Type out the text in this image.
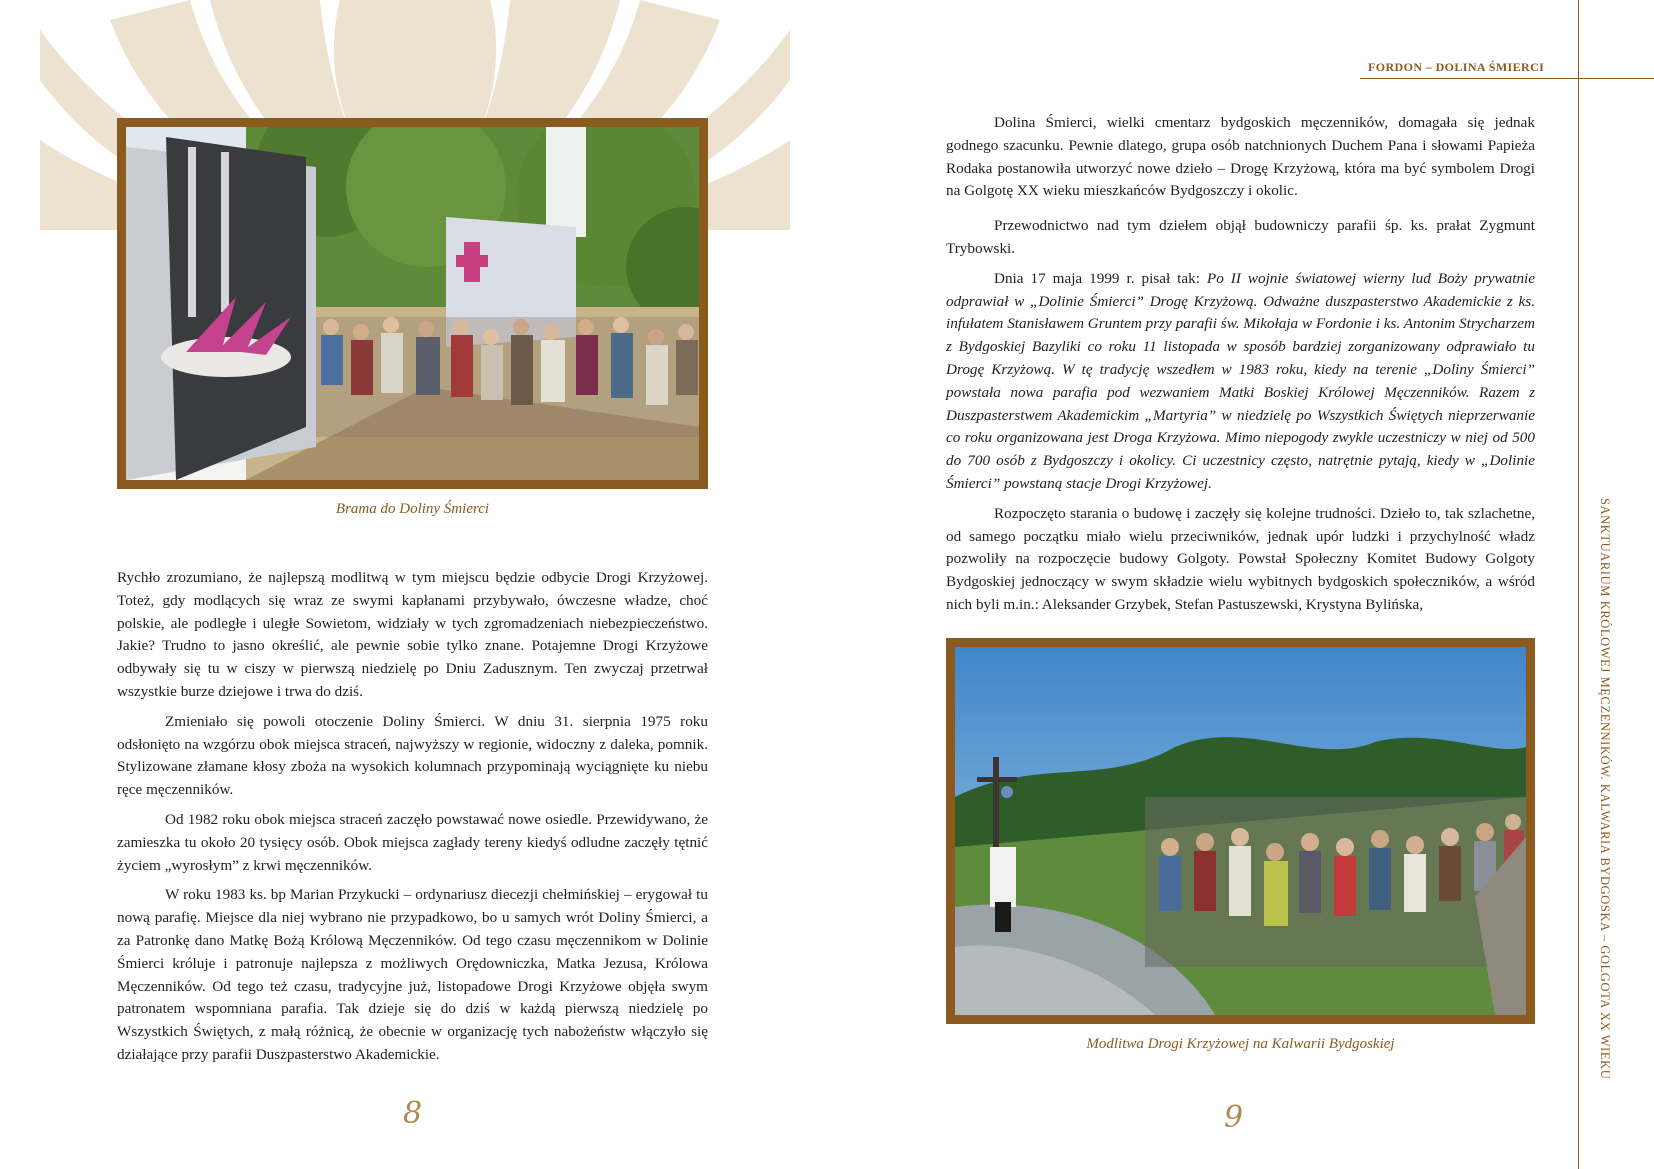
Brama do Doliny Śmierci

Rychło zrozumiano, że najlepszą modlitwą w tym miejscu będzie odbycie Drogi Krzyżowej. Toteż, gdy modlących się wraz ze swymi kapłanami przybywało, ówczesne władze, choć polskie, ale podległe i uległe Sowietom, widziały w tych zgromadzeniach niebezpieczeństwo. Jakie? Trudno to jasno określić, ale pewnie sobie tylko znane. Potajemne Drogi Krzyżowe odbywały się tu w ciszy w pierwszą niedzielę po Dniu Zadusznym. Ten zwyczaj przetrwał wszystkie burze dziejowe i trwa do dziś.

Zmieniało się powoli otoczenie Doliny Śmierci. W dniu 31. sierpnia 1975 roku odsłonięto na wzgórzu obok miejsca straceń, najwyższy w regionie, widoczny z daleka, pomnik. Stylizowane złamane kłosy zboża na wysokich kolumnach przypominają wyciągnięte ku niebu ręce męczenników.

Od 1982 roku obok miejsca straceń zaczęło powstawać nowe osiedle. Przewidywano, że zamieszka tu około 20 tysięcy osób. Obok miejsca zagłady tereny kiedyś odludne zaczęły tętnić życiem „wyrosłym” z krwi męczenników.

W roku 1983 ks. bp Marian Przykucki – ordynariusz diecezji chełmińskiej – erygował tu nową parafię. Miejsce dla niej wybrano nie przypadkowo, bo u samych wrót Doliny Śmierci, a za Patronkę dano Matkę Bożą Królową Męczenników. Od tego czasu męczennikom w Dolinie Śmierci króluje i patronuje najlepsza z możliwych Orędowniczka, Matka Jezusa, Królowa Męczenników. Od tego też czasu, tradycyjne już, listopadowe Drogi Krzyżowe objęła swym patronatem wspomniana parafia. Tak dzieje się do dziś w każdą pierwszą niedzielę po Wszystkich Świętych, z małą różnicą, że obecnie w organizację tych nabożeństw włączyło się działające przy parafii Duszpasterstwo Akademickie.

8
FORDON – DOLINA ŚMIERCI
SANKTUARIUM KRÓLOWEJ MĘCZENNIKÓW. KALWARIA BYDGOSKA – GOLGOTA XX WIEKU

Dolina Śmierci, wielki cmentarz bydgoskich męczenników, domagała się jednak godnego szacunku. Pewnie dlatego, grupa osób natchnionych Duchem Pana i słowami Papieża Rodaka postanowiła utworzyć nowe dzieło – Drogę Krzyżową, która ma być symbolem Drogi na Golgotę XX wieku mieszkańców Bydgoszczy i okolic.

Przewodnictwo nad tym dziełem objął budowniczy parafii śp. ks. prałat Zygmunt Trybowski.

Dnia 17 maja 1999 r. pisał tak: Po II wojnie światowej wierny lud Boży prywatnie odprawiał w „Dolinie Śmierci” Drogę Krzyżową. Odważne duszpasterstwo Akademickie z ks. infułatem Stanisławem Gruntem przy parafii św. Mikołaja w Fordonie i ks. Antonim Strycharzem z Bydgoskiej Bazyliki co roku 11 listopada w sposób bardziej zorganizowany odprawiało tu Drogę Krzyżową. W tę tradycję wszedłem w 1983 roku, kiedy na terenie „Doliny Śmierci” powstała nowa parafia pod wezwaniem Matki Boskiej Królowej Męczenników. Razem z Duszpasterstwem Akademickim „Martyria” w niedzielę po Wszystkich Świętych nieprzerwanie co roku organizowana jest Droga Krzyżowa. Mimo niepogody zwykle uczestniczy w niej od 500 do 700 osób z Bydgoszczy i okolicy. Ci uczestnicy często, natrętnie pytają, kiedy w „Dolinie Śmierci” powstaną stacje Drogi Krzyżowej.

Rozpoczęto starania o budowę i zaczęły się kolejne trudności. Dzieło to, tak szlachetne, od samego początku miało wielu przeciwników, jednak upór ludzki i przychylność władz pozwoliły na rozpoczęcie budowy Golgoty. Powstał Społeczny Komitet Budowy Golgoty Bydgoskiej jednoczący w swym składzie wielu wybitnych bydgoskich społeczników, a wśród nich byli m.in.: Aleksander Grzybek, Stefan Pastuszewski, Krystyna Bylińska,

Modlitwa Drogi Krzyżowej na Kalwarii Bydgoskiej
9
